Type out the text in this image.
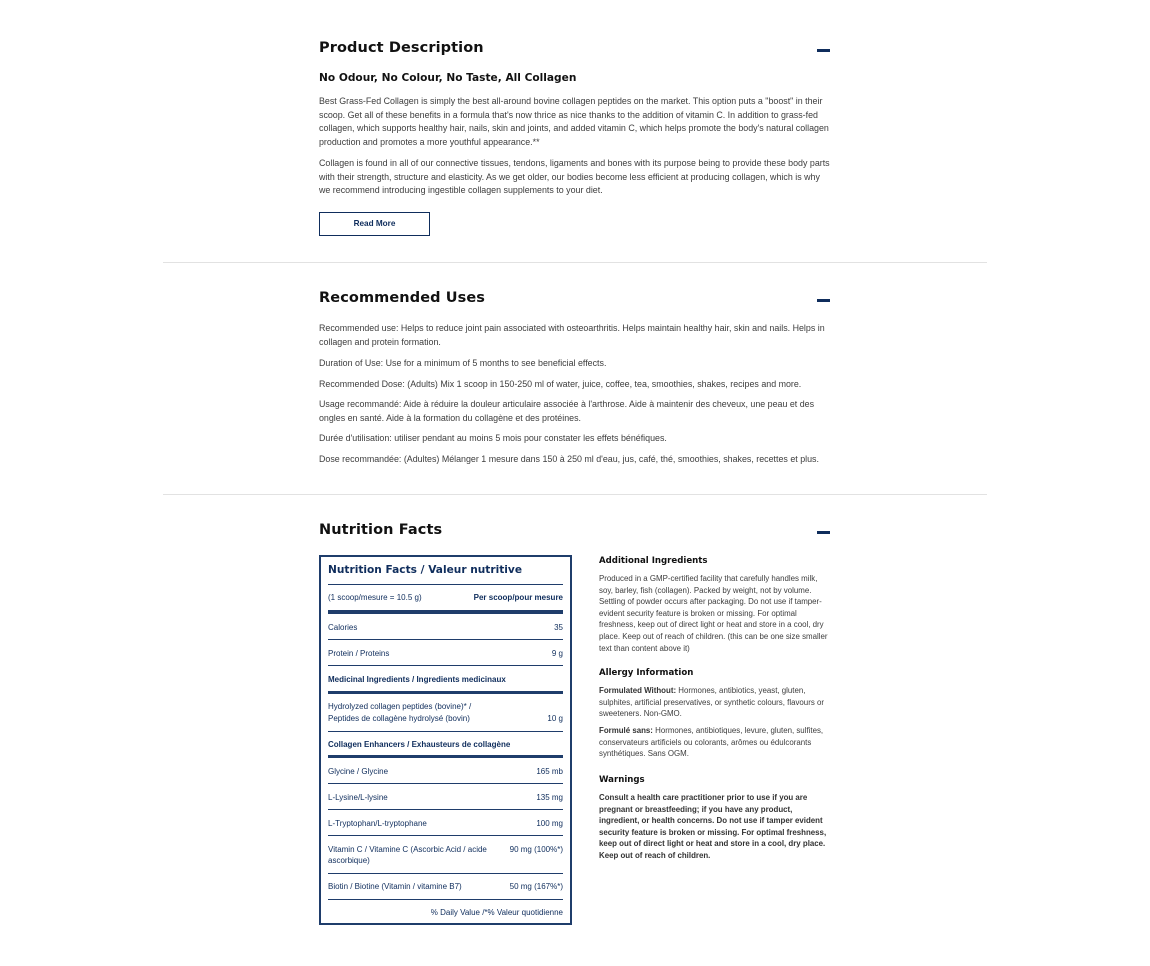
Product Description
No Odour, No Colour, No Taste, All Collagen

Best Grass-Fed Collagen is simply the best all-around bovine collagen peptides on the market. This option puts a "boost" in their scoop. Get all of these benefits in a formula that's now thrice as nice thanks to the addition of vitamin C. In addition to grass-fed collagen, which supports healthy hair, nails, skin and joints, and added vitamin C, which helps promote the body's natural collagen production and promotes a more youthful appearance.**

Collagen is found in all of our connective tissues, tendons, ligaments and bones with its purpose being to provide these body parts with their strength, structure and elasticity. As we get older, our bodies become less efficient at producing collagen, which is why we recommend introducing ingestible collagen supplements to your diet.

Read More
Recommended Uses

Recommended use: Helps to reduce joint pain associated with osteoarthritis. Helps maintain healthy hair, skin and nails. Helps in collagen and protein formation.

Duration of Use: Use for a minimum of 5 months to see beneficial effects.

Recommended Dose: (Adults) Mix 1 scoop in 150-250 ml of water, juice, coffee, tea, smoothies, shakes, recipes and more.

Usage recommandé: Aide à réduire la douleur articulaire associée à l'arthrose. Aide à maintenir des cheveux, une peau et des ongles en santé. Aide à la formation du collagène et des protéines.

Durée d'utilisation: utiliser pendant au moins 5 mois pour constater les effets bénéfiques.

Dose recommandée: (Adultes) Mélanger 1 mesure dans 150 à 250 ml d'eau, jus, café, thé, smoothies, shakes, recettes et plus.

Nutrition Facts
Nutrition Facts / Valeur nutritive
(1 scoop/mesure = 10.5 g)	Per scoop/pour mesure
Calories	35
Protein / Proteins	9 g
Medicinal Ingredients / Ingredients medicinaux
Hydrolyzed collagen peptides (bovine)* /
Peptides de collagène hydrolysé (bovin)	10 g
Collagen Enhancers / Exhausteurs de collagène
Glycine / Glycine	165 mb
L-Lysine/L-lysine	135 mg
L-Tryptophan/L-tryptophane	100 mg
Vitamin C / Vitamine C (Ascorbic Acid / acide	90 mg (100%*)
ascorbique)
Biotin / Biotine (Vitamin / vitamine B7)	50 mg (167%*)
% Daily Value /*% Valeur quotidienne
Additional Ingredients
Produced in a GMP-certified facility that carefully handles milk, soy, barley, fish (collagen). Packed by weight, not by volume. Settling of powder occurs after packaging. Do not use if tamper-evident security feature is broken or missing. For optimal freshness, keep out of direct light or heat and store in a cool, dry place. Keep out of reach of children. (this can be one size smaller text than content above it)
Allergy Information
Formulated Without: Hormones, antibiotics, yeast, gluten, sulphites, artificial preservatives, or synthetic colours, flavours or sweeteners. Non-GMO.
Formulé sans: Hormones, antibiotiques, levure, gluten, sulfites, conservateurs artificiels ou colorants, arômes ou édulcorants synthétiques. Sans OGM.
Warnings
Consult a health care practitioner prior to use if you are pregnant or breastfeeding; if you have any product, ingredient, or health concerns. Do not use if tamper evident security feature is broken or missing. For optimal freshness, keep out of direct light or heat and store in a cool, dry place. Keep out of reach of children.
